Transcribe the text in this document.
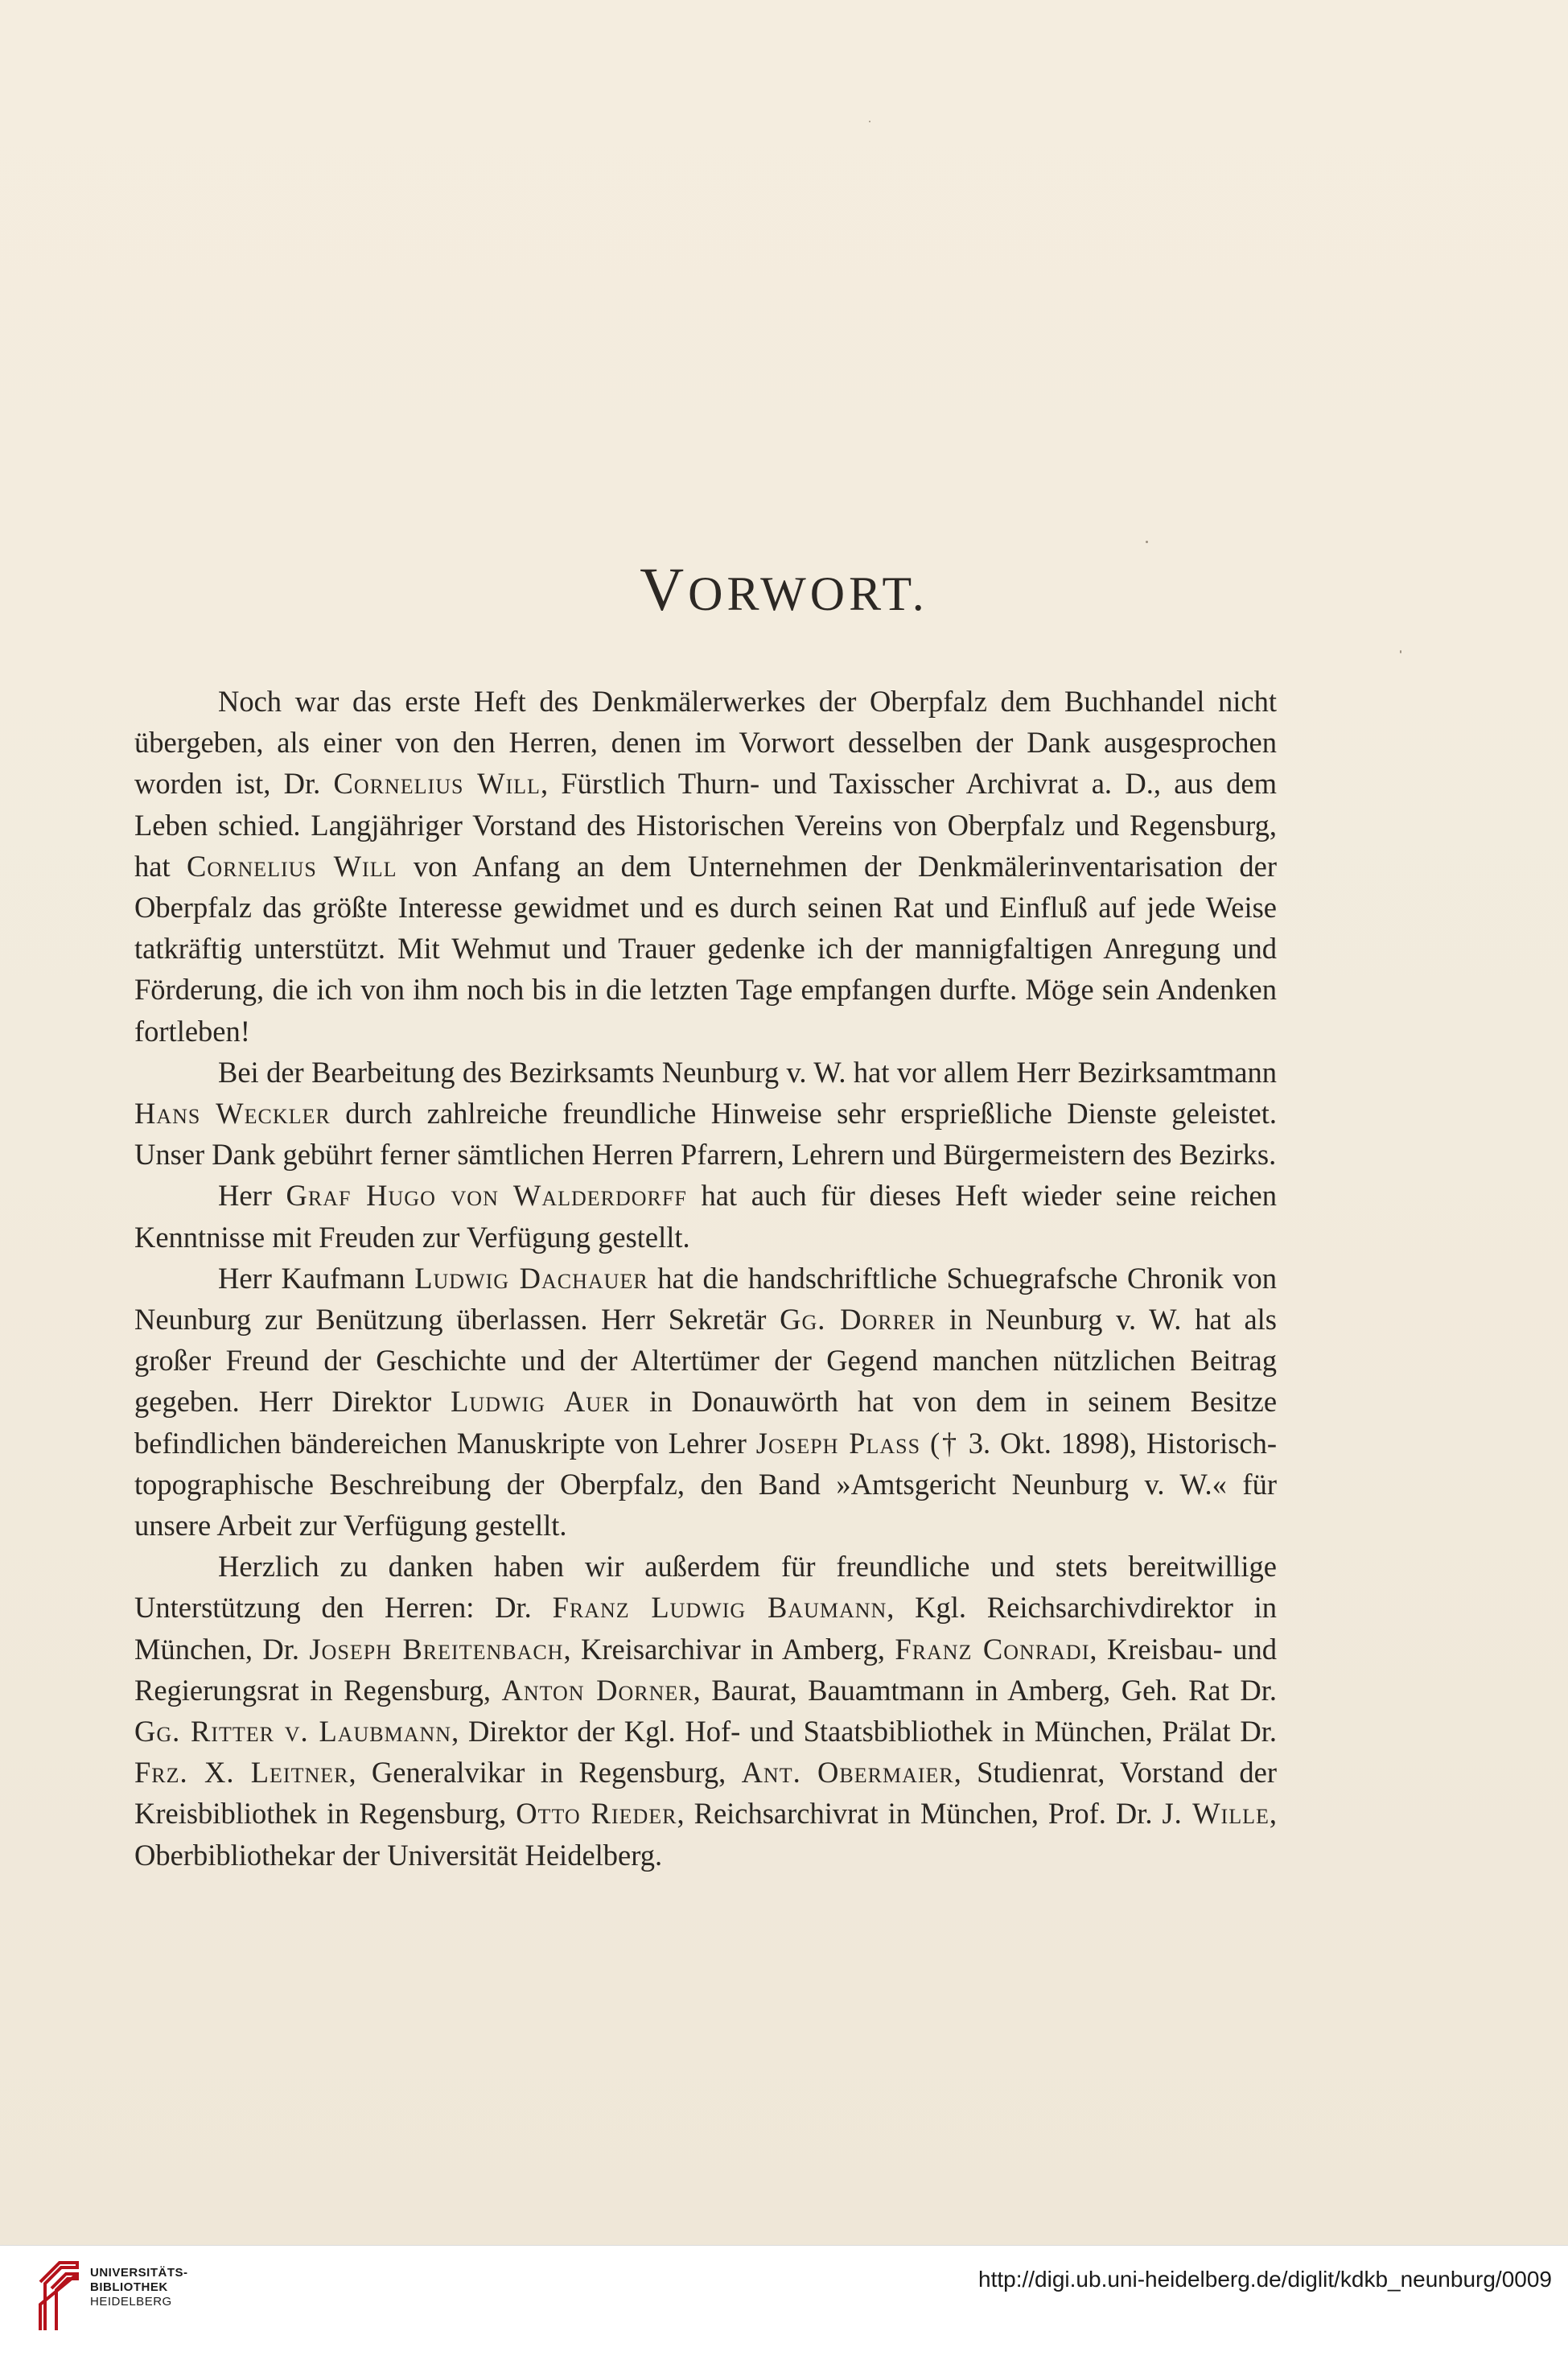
VORWORT.

Noch war das erste Heft des Denkmälerwerkes der Oberpfalz dem Buchhandel nicht übergeben, als einer von den Herren, denen im Vorwort desselben der Dank ausgesprochen worden ist, Dr. Cornelius Will, Fürstlich Thurn- und Taxisscher Archivrat a. D., aus dem Leben schied. Langjähriger Vorstand des Historischen Vereins von Oberpfalz und Regensburg, hat Cornelius Will von Anfang an dem Unternehmen der Denkmälerinventarisation der Oberpfalz das größte Interesse gewidmet und es durch seinen Rat und Einfluß auf jede Weise tatkräftig unterstützt. Mit Wehmut und Trauer gedenke ich der mannigfaltigen Anregung und Förderung, die ich von ihm noch bis in die letzten Tage empfangen durfte. Möge sein Andenken fortleben!

Bei der Bearbeitung des Bezirksamts Neunburg v. W. hat vor allem Herr Bezirksamtmann Hans Weckler durch zahlreiche freundliche Hinweise sehr ersprießliche Dienste geleistet. Unser Dank gebührt ferner sämtlichen Herren Pfarrern, Lehrern und Bürgermeistern des Bezirks.

Herr Graf Hugo von Walderdorff hat auch für dieses Heft wieder seine reichen Kenntnisse mit Freuden zur Verfügung gestellt.

Herr Kaufmann Ludwig Dachauer hat die handschriftliche Schuegrafsche Chronik von Neunburg zur Benützung überlassen. Herr Sekretär Gg. Dorrer in Neunburg v. W. hat als großer Freund der Geschichte und der Altertümer der Gegend manchen nützlichen Beitrag gegeben. Herr Direktor Ludwig Auer in Donauwörth hat von dem in seinem Besitze befindlichen bändereichen Manuskripte von Lehrer Joseph Plass († 3. Okt. 1898), Historisch-topographische Beschreibung der Oberpfalz, den Band »Amtsgericht Neunburg v. W.« für unsere Arbeit zur Verfügung gestellt.

Herzlich zu danken haben wir außerdem für freundliche und stets bereitwillige Unterstützung den Herren: Dr. Franz Ludwig Baumann, Kgl. Reichsarchivdirektor in München, Dr. Joseph Breitenbach, Kreisarchivar in Amberg, Franz Conradi, Kreisbau- und Regierungsrat in Regensburg, Anton Dorner, Baurat, Bauamtmann in Amberg, Geh. Rat Dr. Gg. Ritter v. Laubmann, Direktor der Kgl. Hof- und Staatsbibliothek in München, Prälat Dr. Frz. X. Leitner, Generalvikar in Regensburg, Ant. Obermaier, Studienrat, Vorstand der Kreisbibliothek in Regensburg, Otto Rieder, Reichsarchivrat in München, Prof. Dr. J. Wille, Oberbibliothekar der Universität Heidelberg.

UNIVERSITÄTS-
BIBLIOTHEK
HEIDELBERG
http://digi.ub.uni-heidelberg.de/diglit/kdkb_neunburg/0009
